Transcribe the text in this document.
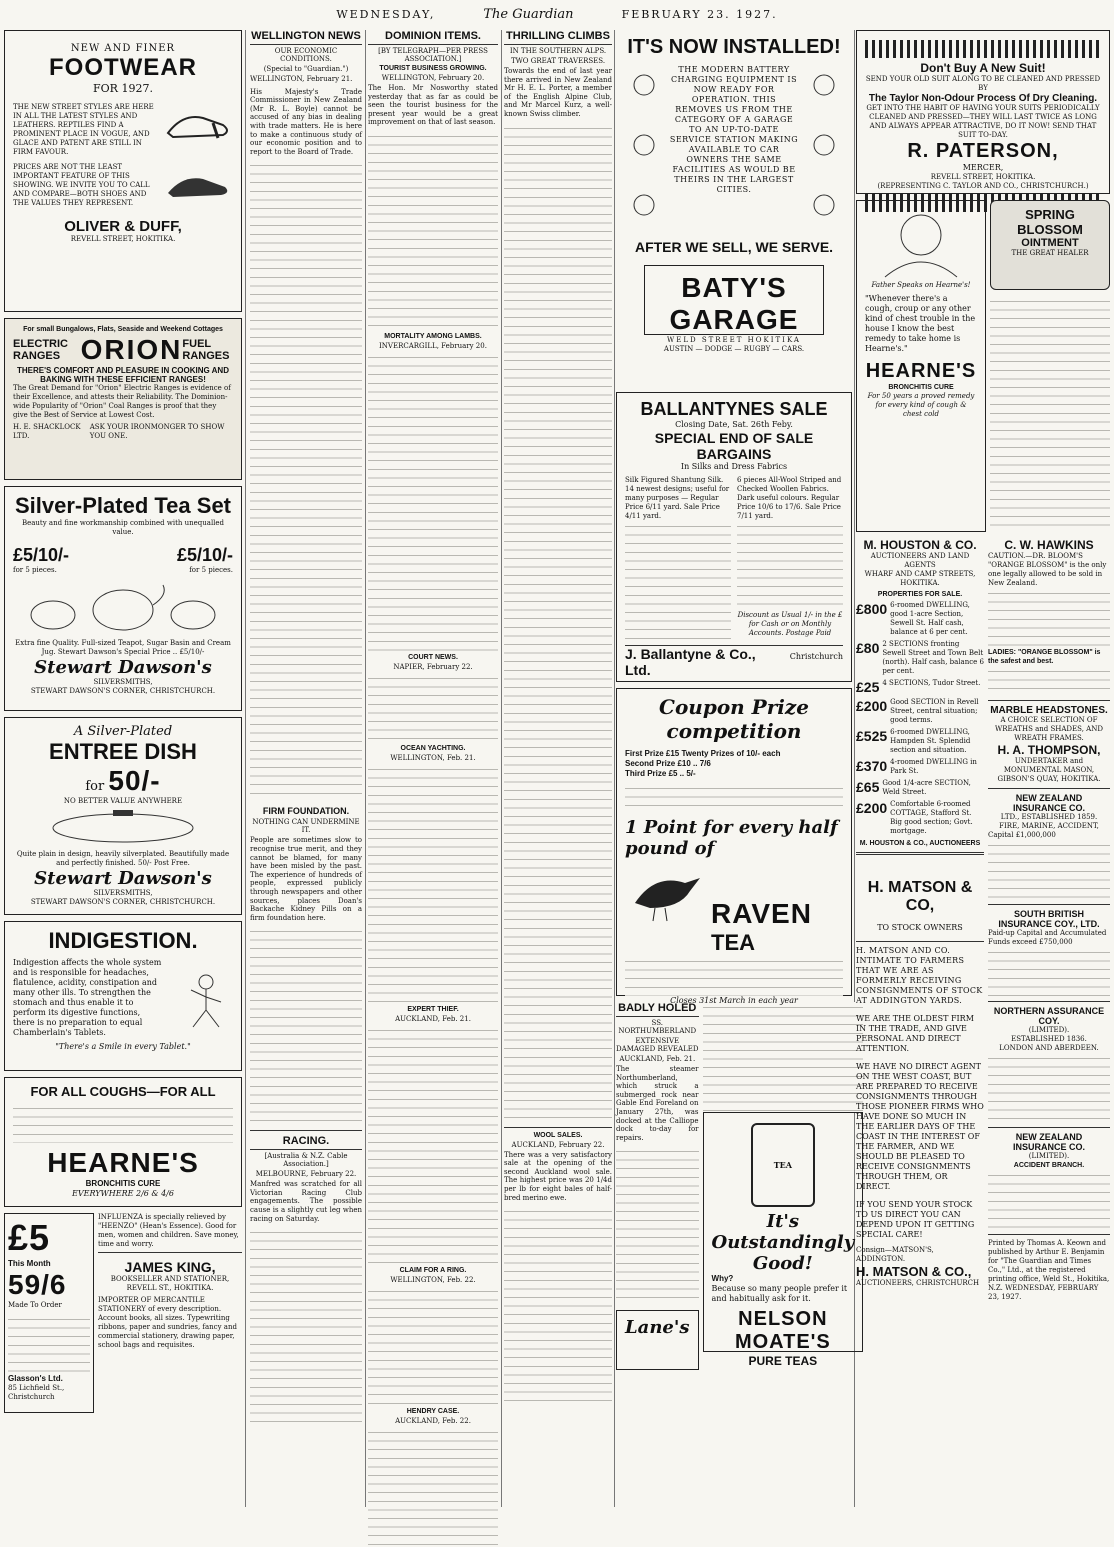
WEDNESDAY,	The Guardian	FEBRUARY 23. 1927.
NEW AND FINER
FOOTWEAR
FOR 1927.
THE NEW STREET STYLES ARE HERE IN ALL THE LATEST STYLES AND LEATHERS. REPTILES FIND A PROMINENT PLACE IN VOGUE, AND GLACE AND PATENT ARE STILL IN FIRM FAVOUR.
PRICES ARE NOT THE LEAST IMPORTANT FEATURE OF THIS SHOWING. WE INVITE YOU TO CALL AND COMPARE—BOTH SHOES AND THE VALUES THEY REPRESENT.
OLIVER & DUFF,
REVELL STREET, HOKITIKA.
For small Bungalows, Flats, Seaside and Weekend Cottages
ELECTRIC RANGES ORION FUEL RANGES
THERE'S COMFORT AND PLEASURE IN COOKING AND BAKING WITH THESE EFFICIENT RANGES!
The Great Demand for "Orion" Electric Ranges is evidence of their Excellence, and attests their Reliability. The Dominion-wide Popularity of "Orion" Coal Ranges is proof that they give the Best of Service at Lowest Cost.
H. E. SHACKLOCK LTD.
ASK YOUR IRONMONGER TO SHOW YOU ONE.
Silver-Plated Tea Set
Beauty and fine workmanship combined with unequalled value.
£5/10/-	£5/10/-
for 5 pieces.	for 5 pieces.
Extra fine Quality. Full-sized Teapot, Sugar Basin and Cream Jug. Stewart Dawson's Special Price .. £5/10/-
Stewart Dawson's
SILVERSMITHS,
STEWART DAWSON'S CORNER, CHRISTCHURCH.
A Silver-Plated
ENTREE DISH
for 50/-
NO BETTER VALUE ANYWHERE
Quite plain in design, heavily silverplated. Beautifully made and perfectly finished. 50/- Post Free.
Stewart Dawson's
SILVERSMITHS,
STEWART DAWSON'S CORNER, CHRISTCHURCH.
INDIGESTION.
Indigestion affects the whole system and is responsible for headaches, flatulence, acidity, constipation and many other ills. To strengthen the stomach and thus enable it to perform its digestive functions, there is no preparation to equal Chamberlain's Tablets.
"There's a Smile in every Tablet."
FOR ALL COUGHS—FOR ALL
HEARNE'S
BRONCHITIS CURE
EVERYWHERE 2/6 & 4/6
£5
This Month
59/6
Made To Order
Glasson's Ltd.
85 Lichfield St., Christchurch
INFLUENZA is specially relieved by "HEENZO" (Hean's Essence). Good for men, women and children. Save money, time and worry.
JAMES KING,
BOOKSELLER AND STATIONER,
REVELL ST., HOKITIKA.
IMPORTER OF MERCANTILE STATIONERY of every description. Account books, all sizes. Typewriting ribbons, paper and sundries, fancy and commercial stationery, drawing paper, school bags and requisites.
WELLINGTON NEWS
OUR ECONOMIC CONDITIONS.
(Special to "Guardian.")

WELLINGTON, February 21.

His Majesty's Trade Commissioner in New Zealand (Mr R. L. Boyle) cannot be accused of any bias in dealing with trade matters. He is here to make a continuous study of our economic position and to report to the Board of Trade.

FIRM FOUNDATION.
NOTHING CAN UNDERMINE IT.

People are sometimes slow to recognise true merit, and they cannot be blamed, for many have been misled by the past. The experience of hundreds of people, expressed publicly through newspapers and other sources, places Doan's Backache Kidney Pills on a firm foundation here.

RACING.
[Australia & N.Z. Cable Association.]
MELBOURNE, February 22.

Manfred was scratched for all Victorian Racing Club engagements. The possible cause is a slightly cut leg when racing on Saturday.

DOMINION ITEMS.
[BY TELEGRAPH—PER PRESS ASSOCIATION.]
TOURIST BUSINESS GROWING.
WELLINGTON, February 20.

The Hon. Mr Nosworthy stated yesterday that as far as could be seen the tourist business for the present year would be a great improvement on that of last season.

MORTALITY AMONG LAMBS.
INVERCARGILL, February 20.
COURT NEWS.
NAPIER, February 22.
OCEAN YACHTING.
WELLINGTON, Feb. 21.
EXPERT THIEF.
AUCKLAND, Feb. 21.
CLAIM FOR A RING.
WELLINGTON, Feb. 22.
HENDRY CASE.
AUCKLAND, Feb. 22.
THRILLING CLIMBS
IN THE SOUTHERN ALPS.
TWO GREAT TRAVERSES.

Towards the end of last year there arrived in New Zealand Mr H. E. L. Porter, a member of the English Alpine Club, and Mr Marcel Kurz, a well-known Swiss climber.

WOOL SALES.
AUCKLAND, February 22.

There was a very satisfactory sale at the opening of the second Auckland wool sale. The highest price was 20 1/4d per lb for eight bales of half-bred merino ewe.

IT'S NOW INSTALLED!
THE MODERN BATTERY CHARGING EQUIPMENT IS NOW READY FOR OPERATION. THIS REMOVES US FROM THE CATEGORY OF A GARAGE TO AN UP-TO-DATE SERVICE STATION MAKING AVAILABLE TO CAR OWNERS THE SAME FACILITIES AS WOULD BE THEIRS IN THE LARGEST CITIES.
AFTER WE SELL, WE SERVE.
BATY'S GARAGE
WELD STREET HOKITIKA
AUSTIN — DODGE — RUGBY — CARS.
BALLANTYNES SALE
Closing Date, Sat. 26th Feby.
SPECIAL END OF SALE BARGAINS
In Silks and Dress Fabrics
Silk Figured Shantung Silk. 14 newest designs; useful for many purposes — Regular Price 6/11 yard. Sale Price 4/11 yard.
6 pieces All-Wool Striped and Checked Woollen Fabrics. Dark useful colours. Regular Price 10/6 to 17/6. Sale Price 7/11 yard.
Discount as Usual 1/- in the £ for Cash or on Monthly Accounts. Postage Paid
J. Ballantyne & Co., Ltd.
Christchurch
Coupon Prize competition
First Prize £15 Twenty Prizes of 10/- each
Second Prize £10 .. 7/6
Third Prize £5 .. 5/-
1 Point for every half pound of
RAVEN
TEA
Closes 31st March in each year
BADLY HOLED
SS. NORTHUMBERLAND
EXTENSIVE DAMAGED REVEALED
AUCKLAND, Feb. 21.

The steamer Northumberland, which struck a submerged rock near Gable End Foreland on January 27th, was docked at the Calliope dock to-day for repairs.

Lane's
TEA
It's Outstandingly Good!
Why?
Because so many people prefer it and habitually ask for it.
NELSON MOATE'S
PURE TEAS
Don't Buy A New Suit!
SEND YOUR OLD SUIT ALONG TO BE CLEANED AND PRESSED BY
The Taylor Non-Odour Process Of Dry Cleaning.
GET INTO THE HABIT OF HAVING YOUR SUITS PERIODICALLY CLEANED AND PRESSED—THEY WILL LAST TWICE AS LONG AND ALWAYS APPEAR ATTRACTIVE, DO IT NOW! SEND THAT SUIT TO-DAY.
R. PATERSON,
MERCER,
REVELL STREET, HOKITIKA.
(REPRESENTING C. TAYLOR AND CO., CHRISTCHURCH.)
Father Speaks on Hearne's!
"Whenever there's a cough, croup or any other kind of chest trouble in the house I know the best remedy to take home is Hearne's."
HEARNE'S
BRONCHITIS CURE
For 50 years a proved remedy for every kind of cough & chest cold
SPRING BLOSSOM
OINTMENT
THE GREAT HEALER
M. HOUSTON & CO.
AUCTIONEERS AND LAND AGENTS
WHARF AND CAMP STREETS, HOKITIKA.
PROPERTIES FOR SALE.
£800 6-roomed DWELLING, good 1-acre Section, Sewell St. Half cash, balance at 6 per cent.
£80 2 SECTIONS fronting Sewell Street and Town Belt (north). Half cash, balance 6 per cent.
£25 4 SECTIONS, Tudor Street.
£200 Good SECTION in Revell Street, central situation; good terms.
£525 6-roomed DWELLING, Hampden St. Splendid section and situation.
£370 4-roomed DWELLING in Park St.
£65 Good 1/4-acre SECTION, Weld Street.
£200 Comfortable 6-roomed COTTAGE, Stafford St. Big good section; Govt. mortgage.
M. HOUSTON & CO., AUCTIONEERS
H. MATSON & CO,
TO STOCK OWNERS
H. MATSON AND CO. INTIMATE TO FARMERS THAT WE ARE AS FORMERLY RECEIVING CONSIGNMENTS OF STOCK AT ADDINGTON YARDS.
WE ARE THE OLDEST FIRM IN THE TRADE, AND GIVE PERSONAL AND DIRECT ATTENTION.
WE HAVE NO DIRECT AGENT ON THE WEST COAST, BUT ARE PREPARED TO RECEIVE CONSIGNMENTS THROUGH THOSE PIONEER FIRMS WHO HAVE DONE SO MUCH IN THE EARLIER DAYS OF THE COAST IN THE INTEREST OF THE FARMER, AND WE SHOULD BE PLEASED TO RECEIVE CONSIGNMENTS THROUGH THEM, OR DIRECT.
IF YOU SEND YOUR STOCK TO US DIRECT YOU CAN DEPEND UPON IT GETTING SPECIAL CARE!
Consign—MATSON'S, ADDINGTON.
H. MATSON & CO.,
AUCTIONEERS, CHRISTCHURCH
C. W. HAWKINS
CAUTION.—DR. BLOOM'S "ORANGE BLOSSOM" is the only one legally allowed to be sold in New Zealand.
LADIES: "ORANGE BLOSSOM" is the safest and best.
MARBLE HEADSTONES.
A CHOICE SELECTION OF WREATHS and SHADES, AND WREATH FRAMES.
H. A. THOMPSON,
UNDERTAKER and MONUMENTAL MASON,
GIBSON'S QUAY, HOKITIKA.
NEW ZEALAND INSURANCE CO.
LTD., ESTABLISHED 1859.
FIRE, MARINE, ACCIDENT,
Capital £1,000,000
SOUTH BRITISH INSURANCE COY., LTD.
Paid-up Capital and Accumulated Funds exceed £750,000
NORTHERN ASSURANCE COY.
(LIMITED).
ESTABLISHED 1836.
LONDON AND ABERDEEN.
NEW ZEALAND INSURANCE CO.
(LIMITED).
ACCIDENT BRANCH.
Printed by Thomas A. Keown and published by Arthur E. Benjamin for "The Guardian and Times Co.," Ltd., at the registered printing office, Weld St., Hokitika, N.Z. WEDNESDAY, FEBRUARY 23, 1927.
